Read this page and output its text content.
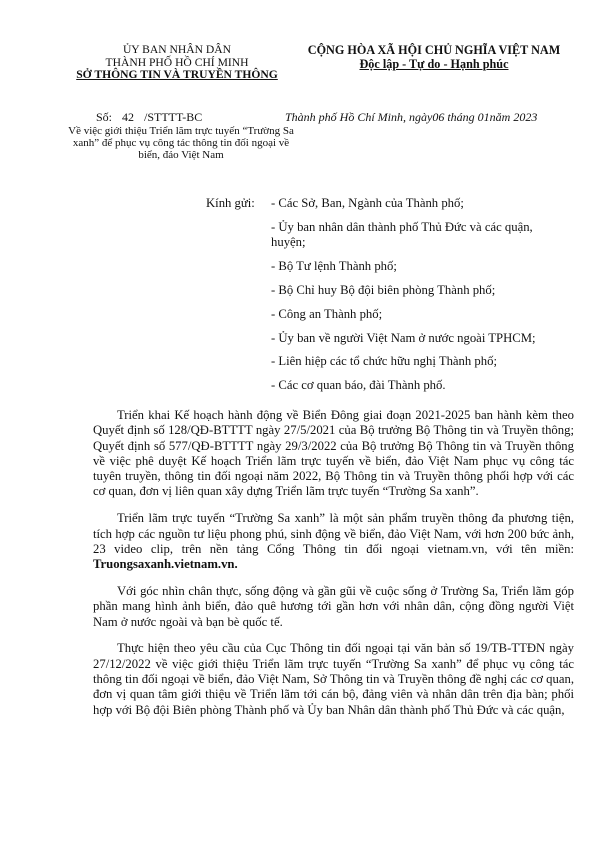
ỦY BAN NHÂN DÂN
THÀNH PHỐ HỒ CHÍ MINH
SỞ THÔNG TIN VÀ TRUYỀN THÔNG
CỘNG HÒA XÃ HỘI CHỦ NGHĨA VIỆT NAM
Độc lập - Tự do - Hạnh phúc
Số: 42 /STTTT-BC	Thành phố Hồ Chí Minh, ngày06 tháng 01năm 2023
Về việc giới thiệu Triển lãm trực tuyến “Trường Sa xanh” để phục vụ công tác thông tin đối ngoại về biển, đảo Việt Nam
Kính gửi: - Các Sở, Ban, Ngành của Thành phố;
- Ủy ban nhân dân thành phố Thủ Đức và các quận, huyện;
- Bộ Tư lệnh Thành phố;
- Bộ Chỉ huy Bộ đội biên phòng Thành phố;
- Công an Thành phố;
- Ủy ban về người Việt Nam ở nước ngoài TPHCM;
- Liên hiệp các tổ chức hữu nghị Thành phố;
- Các cơ quan báo, đài Thành phố.

Triển khai Kế hoạch hành động về Biển Đông giai đoạn 2021-2025 ban hành kèm theo Quyết định số 128/QĐ-BTTTT ngày 27/5/2021 của Bộ trưởng Bộ Thông tin và Truyền thông; Quyết định số 577/QĐ-BTTTT ngày 29/3/2022 của Bộ trưởng Bộ Thông tin và Truyền thông về việc phê duyệt Kế hoạch Triển lãm trực tuyến về biển, đảo Việt Nam phục vụ công tác tuyên truyền, thông tin đối ngoại năm 2022, Bộ Thông tin và Truyền thông phối hợp với các cơ quan, đơn vị liên quan xây dựng Triển lãm trực tuyến “Trường Sa xanh”.

Triển lãm trực tuyến “Trường Sa xanh” là một sản phẩm truyền thông đa phương tiện, tích hợp các nguồn tư liệu phong phú, sinh động về biển, đảo Việt Nam, với hơn 200 bức ảnh, 23 video clip, trên nền tảng Cổng Thông tin đối ngoại vietnam.vn, với tên miền: Truongsaxanh.vietnam.vn.

Với góc nhìn chân thực, sống động và gần gũi về cuộc sống ở Trường Sa, Triển lãm góp phần mang hình ảnh biển, đảo quê hương tới gần hơn với nhân dân, cộng đồng người Việt Nam ở nước ngoài và bạn bè quốc tế.

Thực hiện theo yêu cầu của Cục Thông tin đối ngoại tại văn bản số 19/TB-TTĐN ngày 27/12/2022 về việc giới thiệu Triển lãm trực tuyến “Trường Sa xanh” để phục vụ công tác thông tin đối ngoại về biển, đảo Việt Nam, Sở Thông tin và Truyền thông đề nghị các cơ quan, đơn vị quan tâm giới thiệu về Triển lãm tới cán bộ, đảng viên và nhân dân trên địa bàn; phối hợp với Bộ đội Biên phòng Thành phố và Ủy ban Nhân dân thành phố Thủ Đức và các quận,
